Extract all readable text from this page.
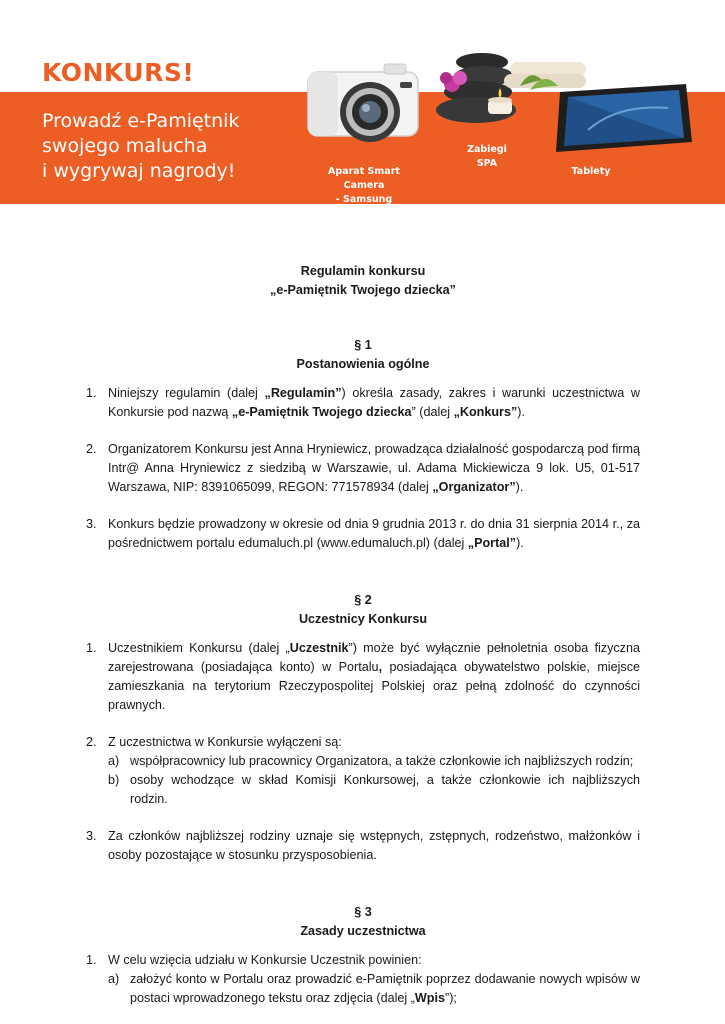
KONKURS!
Prowadź e-Pamiętnik
swojego malucha
i wygrywaj nagrody!	Aparat Smart Camera
- Samsung NX2000
Zabiegi
SPA
Tablety
Regulamin konkursu
„e-Pamiętnik Twojego dziecka”
§ 1
Postanowienia ogólne
1. Niniejszy regulamin (dalej „Regulamin”) określa zasady, zakres i warunki uczestnictwa w Konkursie pod nazwą „e-Pamiętnik Twojego dziecka” (dalej „Konkurs”).
2. Organizatorem Konkursu jest Anna Hryniewicz, prowadząca działalność gospodarczą pod firmą Intr@ Anna Hryniewicz z siedzibą w Warszawie, ul. Adama Mickiewicza 9 lok. U5, 01-517 Warszawa, NIP: 8391065099, REGON: 771578934 (dalej „Organizator”).
3. Konkurs będzie prowadzony w okresie od dnia 9 grudnia 2013 r. do dnia 31 sierpnia 2014 r., za pośrednictwem portalu edumaluch.pl (www.edumaluch.pl) (dalej „Portal”).
§ 2
Uczestnicy Konkursu
1. Uczestnikiem Konkursu (dalej „Uczestnik”) może być wyłącznie pełnoletnia osoba fizyczna zarejestrowana (posiadająca konto) w Portalu, posiadająca obywatelstwo polskie, miejsce zamieszkania na terytorium Rzeczypospolitej Polskiej oraz pełną zdolność do czynności prawnych.
2. Z uczestnictwa w Konkursie wyłączeni są:
a) współpracownicy lub pracownicy Organizatora, a także członkowie ich najbliższych rodzin;
b) osoby wchodzące w skład Komisji Konkursowej, a także członkowie ich najbliższych rodzin.
3. Za członków najbliższej rodziny uznaje się wstępnych, zstępnych, rodzeństwo, małżonków i osoby pozostające w stosunku przysposobienia.
§ 3
Zasady uczestnictwa
1. W celu wzięcia udziału w Konkursie Uczestnik powinien:
a) założyć konto w Portalu oraz prowadzić e-Pamiętnik poprzez dodawanie nowych wpisów w postaci wprowadzonego tekstu oraz zdjęcia (dalej „Wpis”);
